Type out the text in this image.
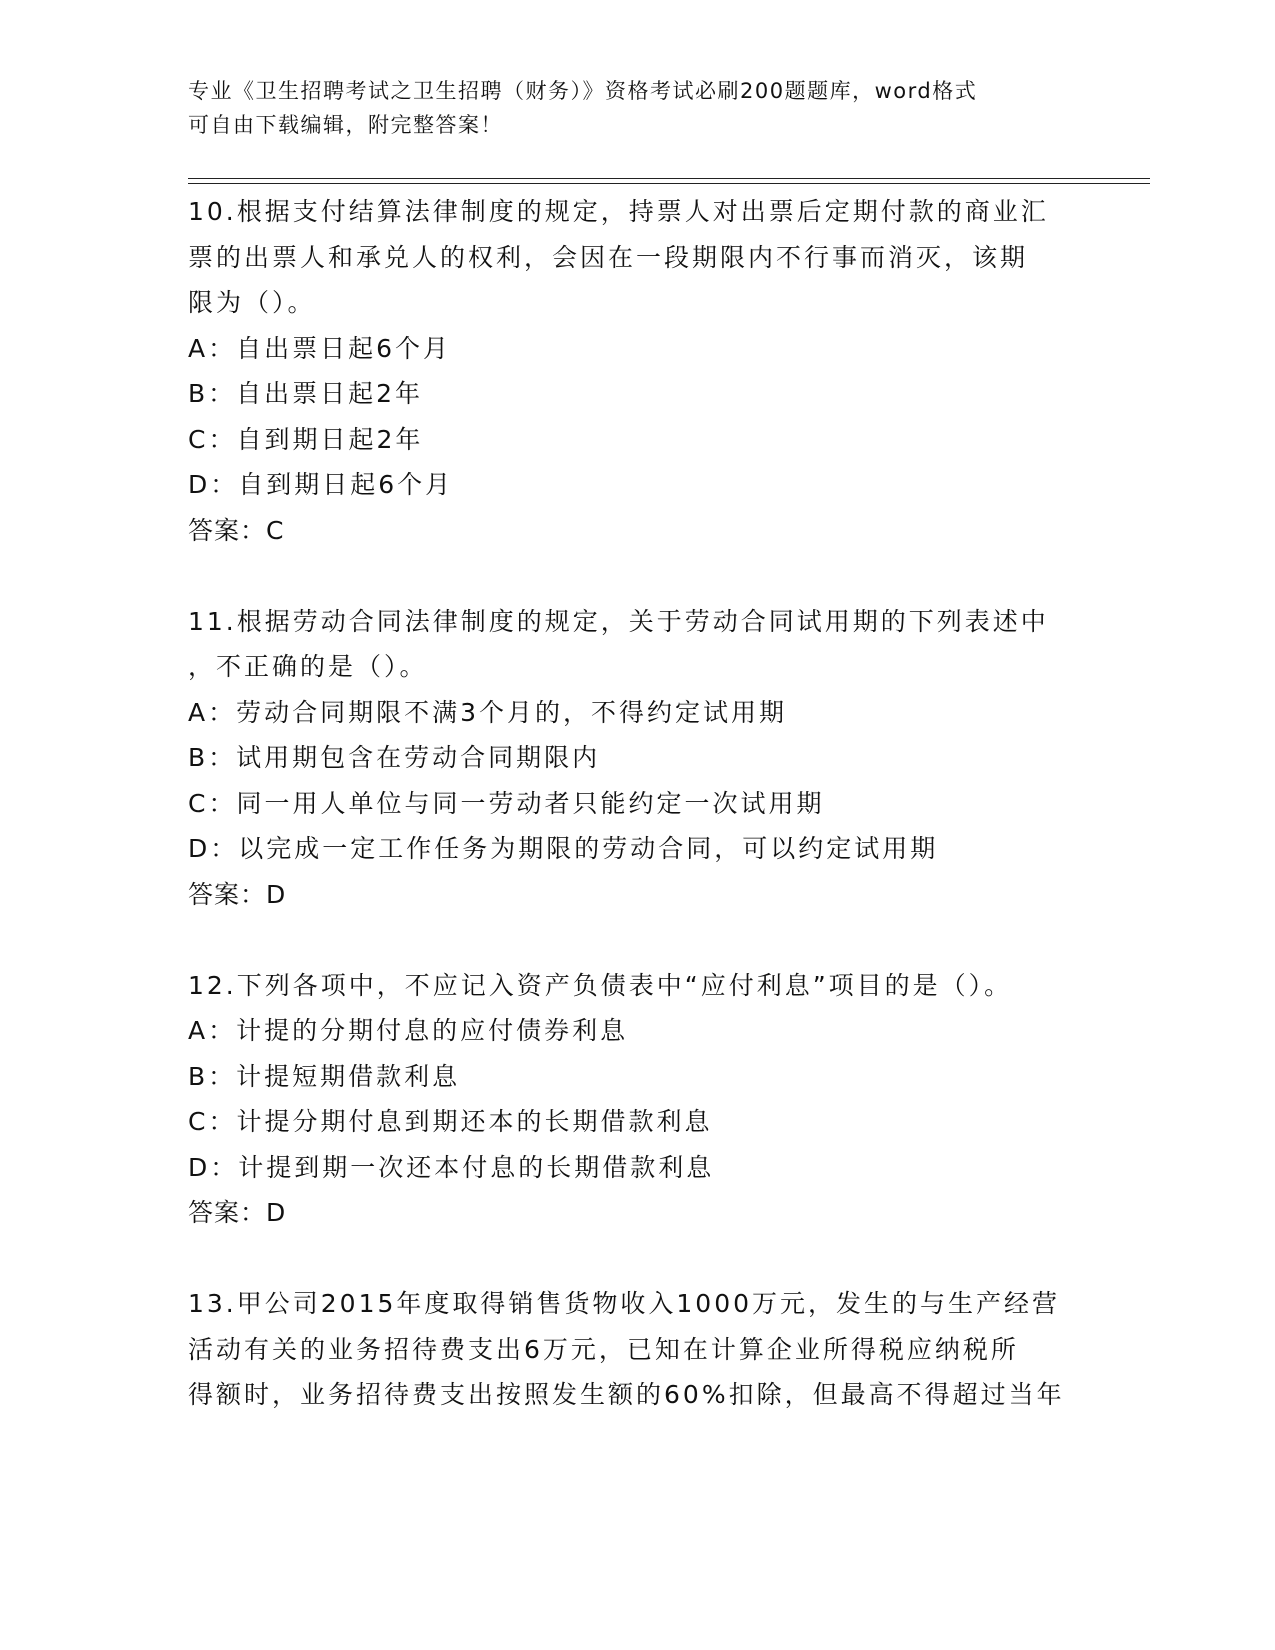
专业《卫生招聘考试之卫生招聘（财务）》资格考试必刷200题题库，word格式
可自由下载编辑，附完整答案！
10.根据支付结算法律制度的规定，持票人对出票后定期付款的商业汇
票的出票人和承兑人的权利，会因在一段期限内不行事而消灭，该期
限为（）。
A：自出票日起6个月
B：自出票日起2年
C：自到期日起2年
D：自到期日起6个月
答案：C
11.根据劳动合同法律制度的规定，关于劳动合同试用期的下列表述中
，不正确的是（）。
A：劳动合同期限不满3个月的，不得约定试用期
B：试用期包含在劳动合同期限内
C：同一用人单位与同一劳动者只能约定一次试用期
D：以完成一定工作任务为期限的劳动合同，可以约定试用期
答案：D
12.下列各项中，不应记入资产负债表中“应付利息”项目的是（）。
A：计提的分期付息的应付债券利息
B：计提短期借款利息
C：计提分期付息到期还本的长期借款利息
D：计提到期一次还本付息的长期借款利息
答案：D
13.甲公司2015年度取得销售货物收入1000万元，发生的与生产经营
活动有关的业务招待费支出6万元，已知在计算企业所得税应纳税所
得额时，业务招待费支出按照发生额的60%扣除，但最高不得超过当年
